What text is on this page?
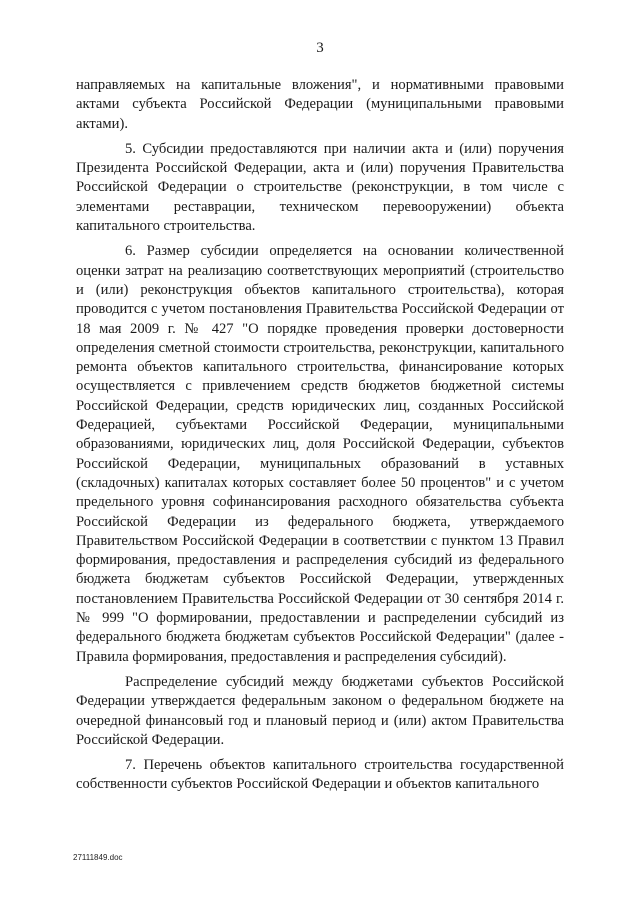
3

направляемых на капитальные вложения", и нормативными правовыми актами субъекта Российской Федерации (муниципальными правовыми актами).

5. Субсидии предоставляются при наличии акта и (или) поручения Президента Российской Федерации, акта и (или) поручения Правительства Российской Федерации о строительстве (реконструкции, в том числе с элементами реставрации, техническом перевооружении) объекта капитального строительства.

6. Размер субсидии определяется на основании количественной оценки затрат на реализацию соответствующих мероприятий (строительство и (или) реконструкция объектов капитального строительства), которая проводится с учетом постановления Правительства Российской Федерации от 18 мая 2009 г. № 427 "О порядке проведения проверки достоверности определения сметной стоимости строительства, реконструкции, капитального ремонта объектов капитального строительства, финансирование которых осуществляется с привлечением средств бюджетов бюджетной системы Российской Федерации, средств юридических лиц, созданных Российской Федерацией, субъектами Российской Федерации, муниципальными образованиями, юридических лиц, доля Российской Федерации, субъектов Российской Федерации, муниципальных образований в уставных (складочных) капиталах которых составляет более 50 процентов" и с учетом предельного уровня софинансирования расходного обязательства субъекта Российской Федерации из федерального бюджета, утверждаемого Правительством Российской Федерации в соответствии с пунктом 13 Правил формирования, предоставления и распределения субсидий из федерального бюджета бюджетам субъектов Российской Федерации, утвержденных постановлением Правительства Российской Федерации от 30 сентября 2014 г. № 999 "О формировании, предоставлении и распределении субсидий из федерального бюджета бюджетам субъектов Российской Федерации" (далее - Правила формирования, предоставления и распределения субсидий).

Распределение субсидий между бюджетами субъектов Российской Федерации утверждается федеральным законом о федеральном бюджете на очередной финансовый год и плановый период и (или) актом Правительства Российской Федерации.

7. Перечень объектов капитального строительства государственной собственности субъектов Российской Федерации и объектов капитального

27111849.doc
